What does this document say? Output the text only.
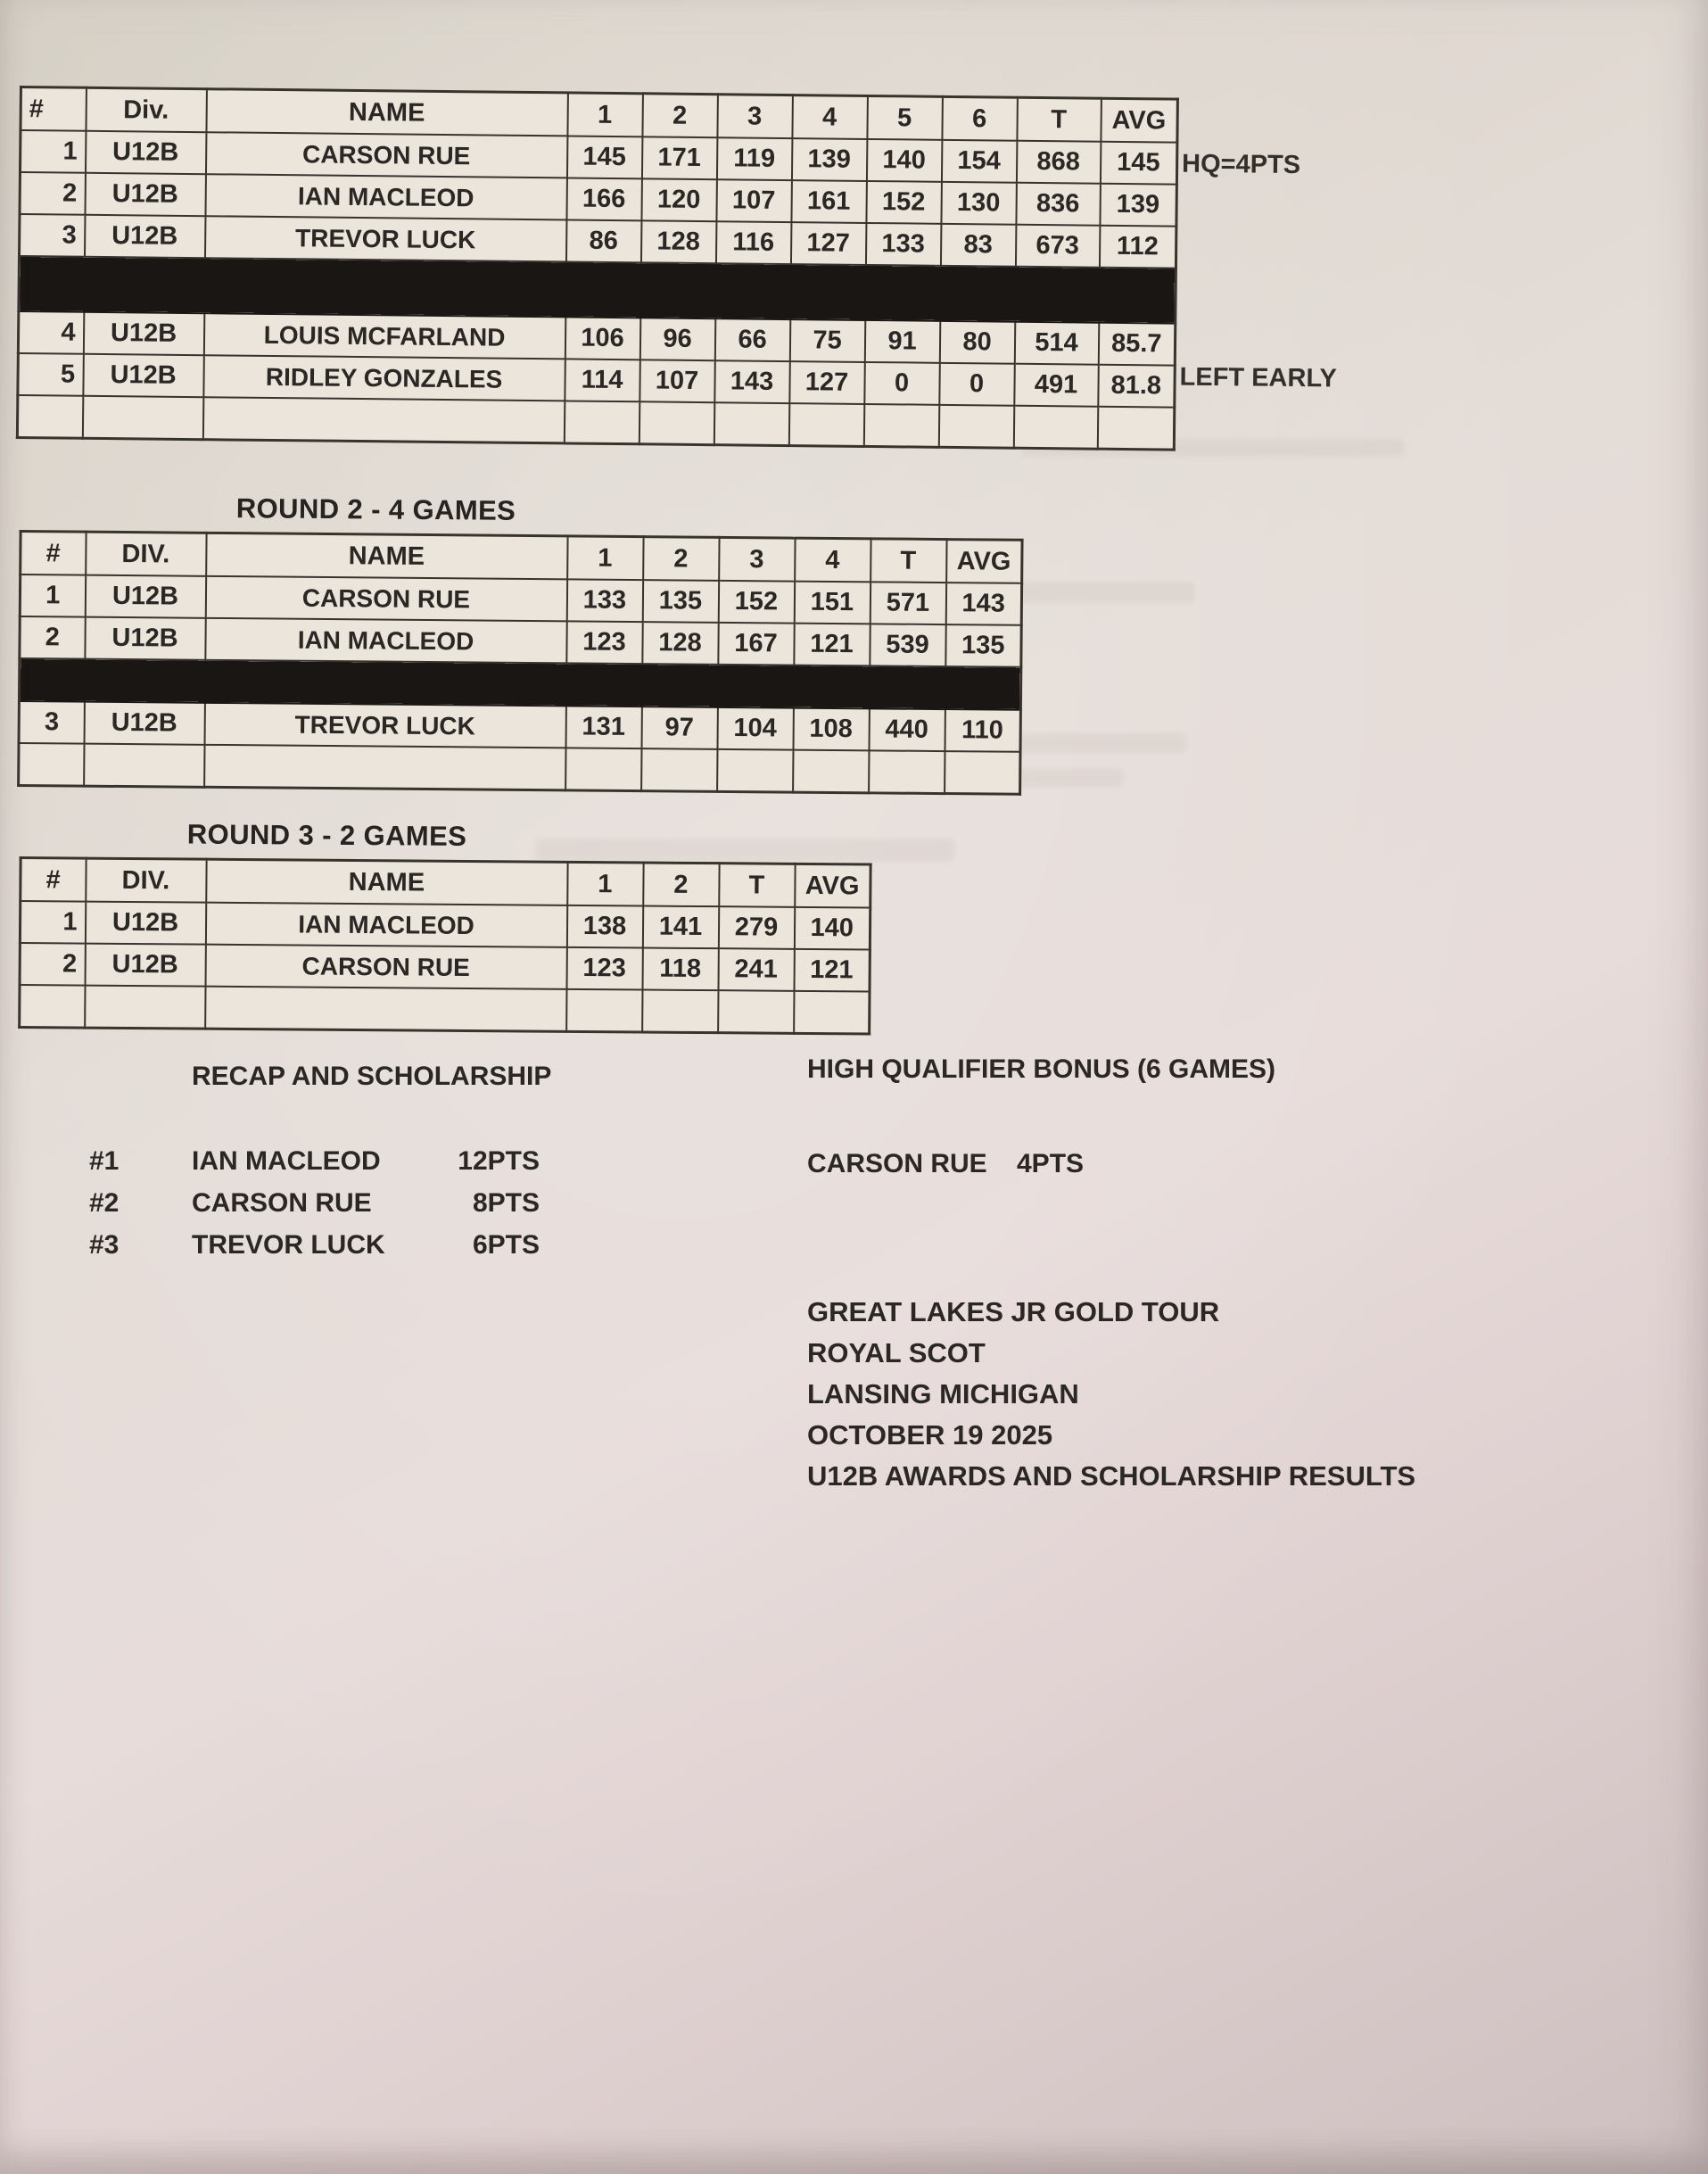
#	Div.	NAME	1	2	3	4	5	6	T	AVG
1	U12B	CARSON RUE	145	171	119	139	140	154	868	145
2	U12B	IAN MACLEOD	166	120	107	161	152	130	836	139
3	U12B	TREVOR LUCK	86	128	116	127	133	83	673	112

4	U12B	LOUIS MCFARLAND	106	96	66	75	91	80	514	85.7
5	U12B	RIDLEY GONZALES	114	107	143	127	0	0	491	81.8

HQ=4PTS
LEFT EARLY
ROUND 2 - 4 GAMES
#	DIV.	NAME	1	2	3	4	T	AVG
1	U12B	CARSON RUE	133	135	152	151	571	143
2	U12B	IAN MACLEOD	123	128	167	121	539	135

3	U12B	TREVOR LUCK	131	97	104	108	440	110

ROUND 3 - 2 GAMES
#	DIV.	NAME	1	2	T	AVG
1	U12B	IAN MACLEOD	138	141	279	140
2	U12B	CARSON RUE	123	118	241	121

RECAP AND SCHOLARSHIP
#1	IAN MACLEOD	12PTS
#2	CARSON RUE	8PTS
#3	TREVOR LUCK	6PTS
HIGH QUALIFIER BONUS (6 GAMES)
CARSON RUE	4PTS
GREAT LAKES JR GOLD TOUR
ROYAL SCOT
LANSING MICHIGAN
OCTOBER 19 2025
U12B AWARDS AND SCHOLARSHIP RESULTS
